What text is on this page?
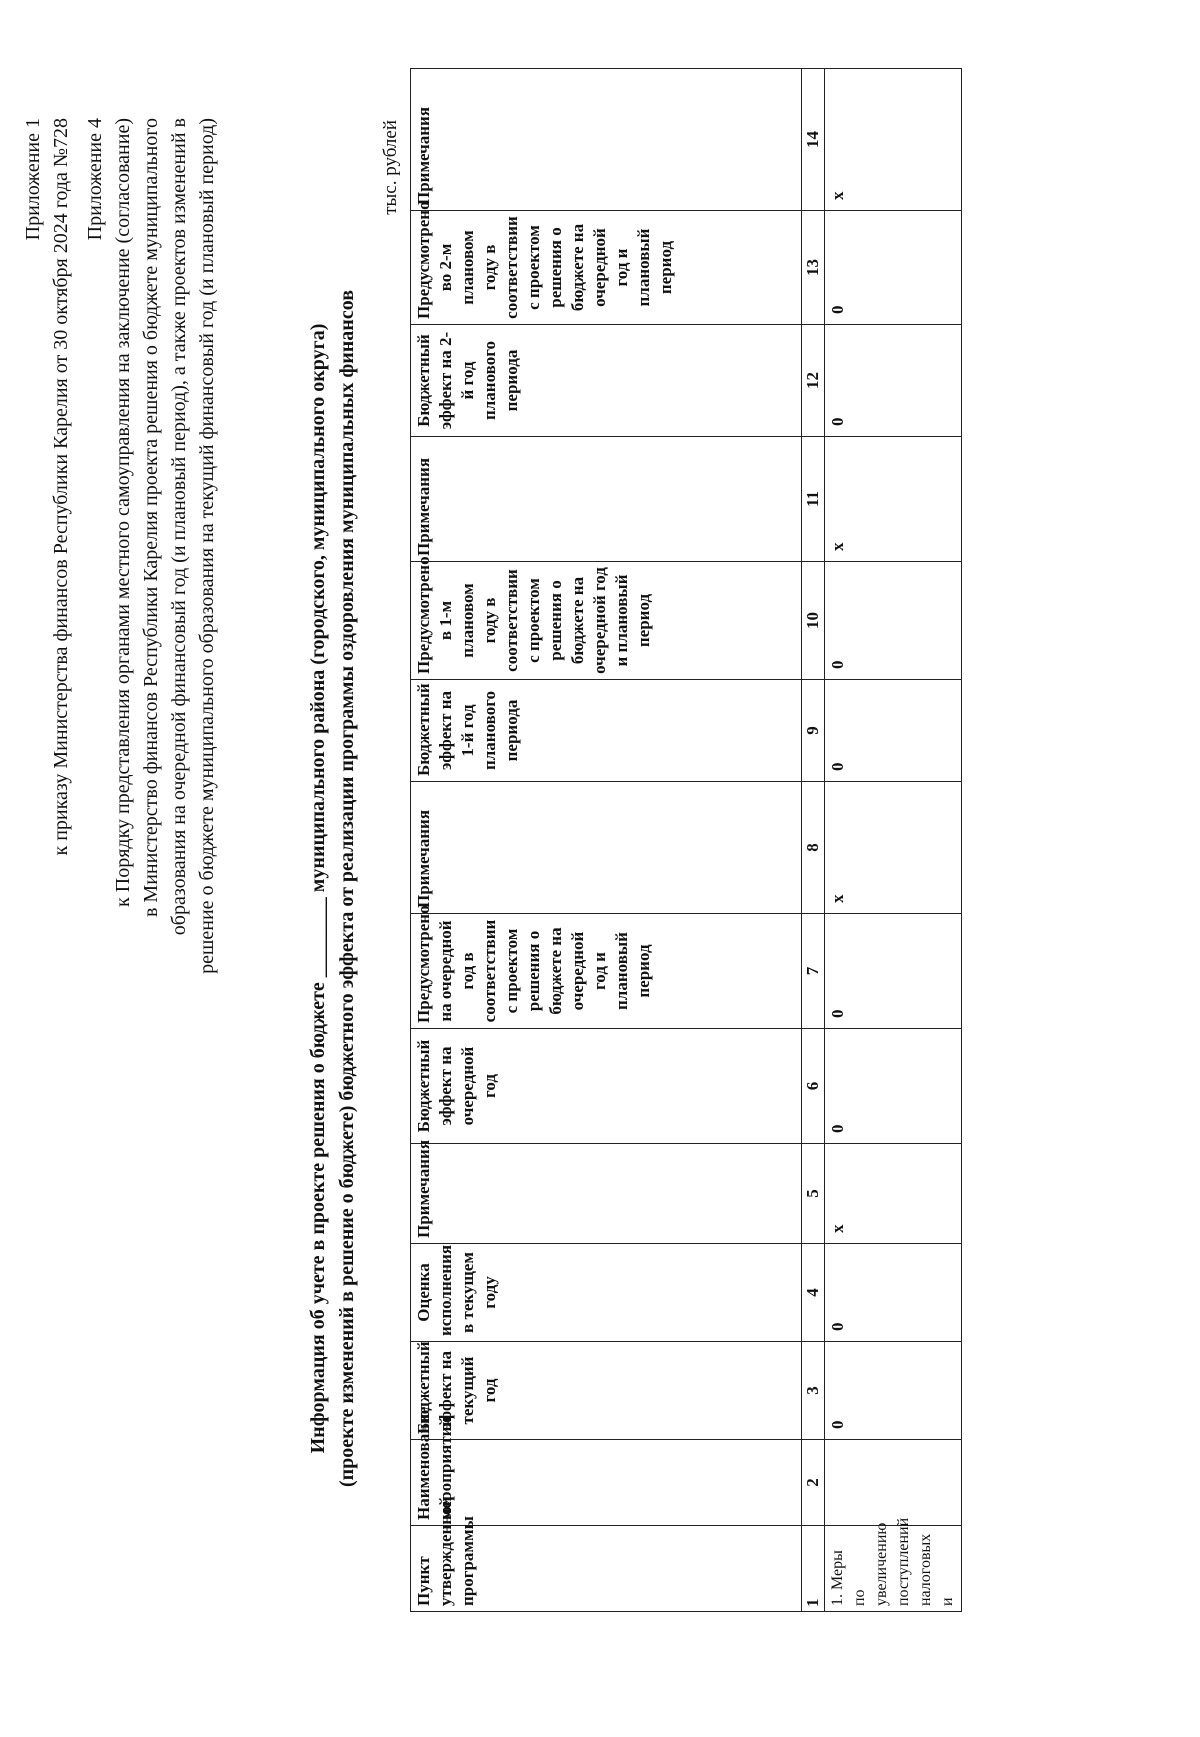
Приложение 1 к приказу Министерства финансов Республики Карелия от 30 октября 2024 года №728 Приложение 4 к Порядку представления органами местного самоуправления на заключение (согласование) в Министерство финансов Республики Карелия проекта решения о бюджете муниципального образования на очередной финансовый год (и плановый период), а также проектов изменений в решение о бюджете муниципального образования на текущий финансовый год (и плановый период)	Информация об учете в проекте решения о бюджете ________ муниципального района (городского, муниципального округа) (проекте изменений в решение о бюджете) бюджетного эффекта от реализации программы оздоровления муниципальных финансов
тыс. рублей
Пункт утвержденной программы	Наименование мероприятий	Бюджетный эффект на текущий год	Оценка исполнения в текущем году	Примечания	Бюджетный эффект на очередной год	Предусмотрено на очередной год в соответствии с проектом решения о бюджете на очередной год и плановый период	Примечания	Бюджетный эффект на 1-й год планового периода	Предусмотрено в 1-м плановом году в соответствии с проектом решения о бюджете на очередной год и плановый период	Примечания	Бюджетный эффект на 2-й год планового периода	Предусмотрено во 2-м плановом году в соответствии с проектом решения о бюджете на очередной год и плановый период	Примечания
1	2	3	4	5	6	7	8	9	10	11	12	13	14
1. Меры по увеличению поступлений налоговых и		0	0	х	0	0	х	0	0	х	0	0	х
